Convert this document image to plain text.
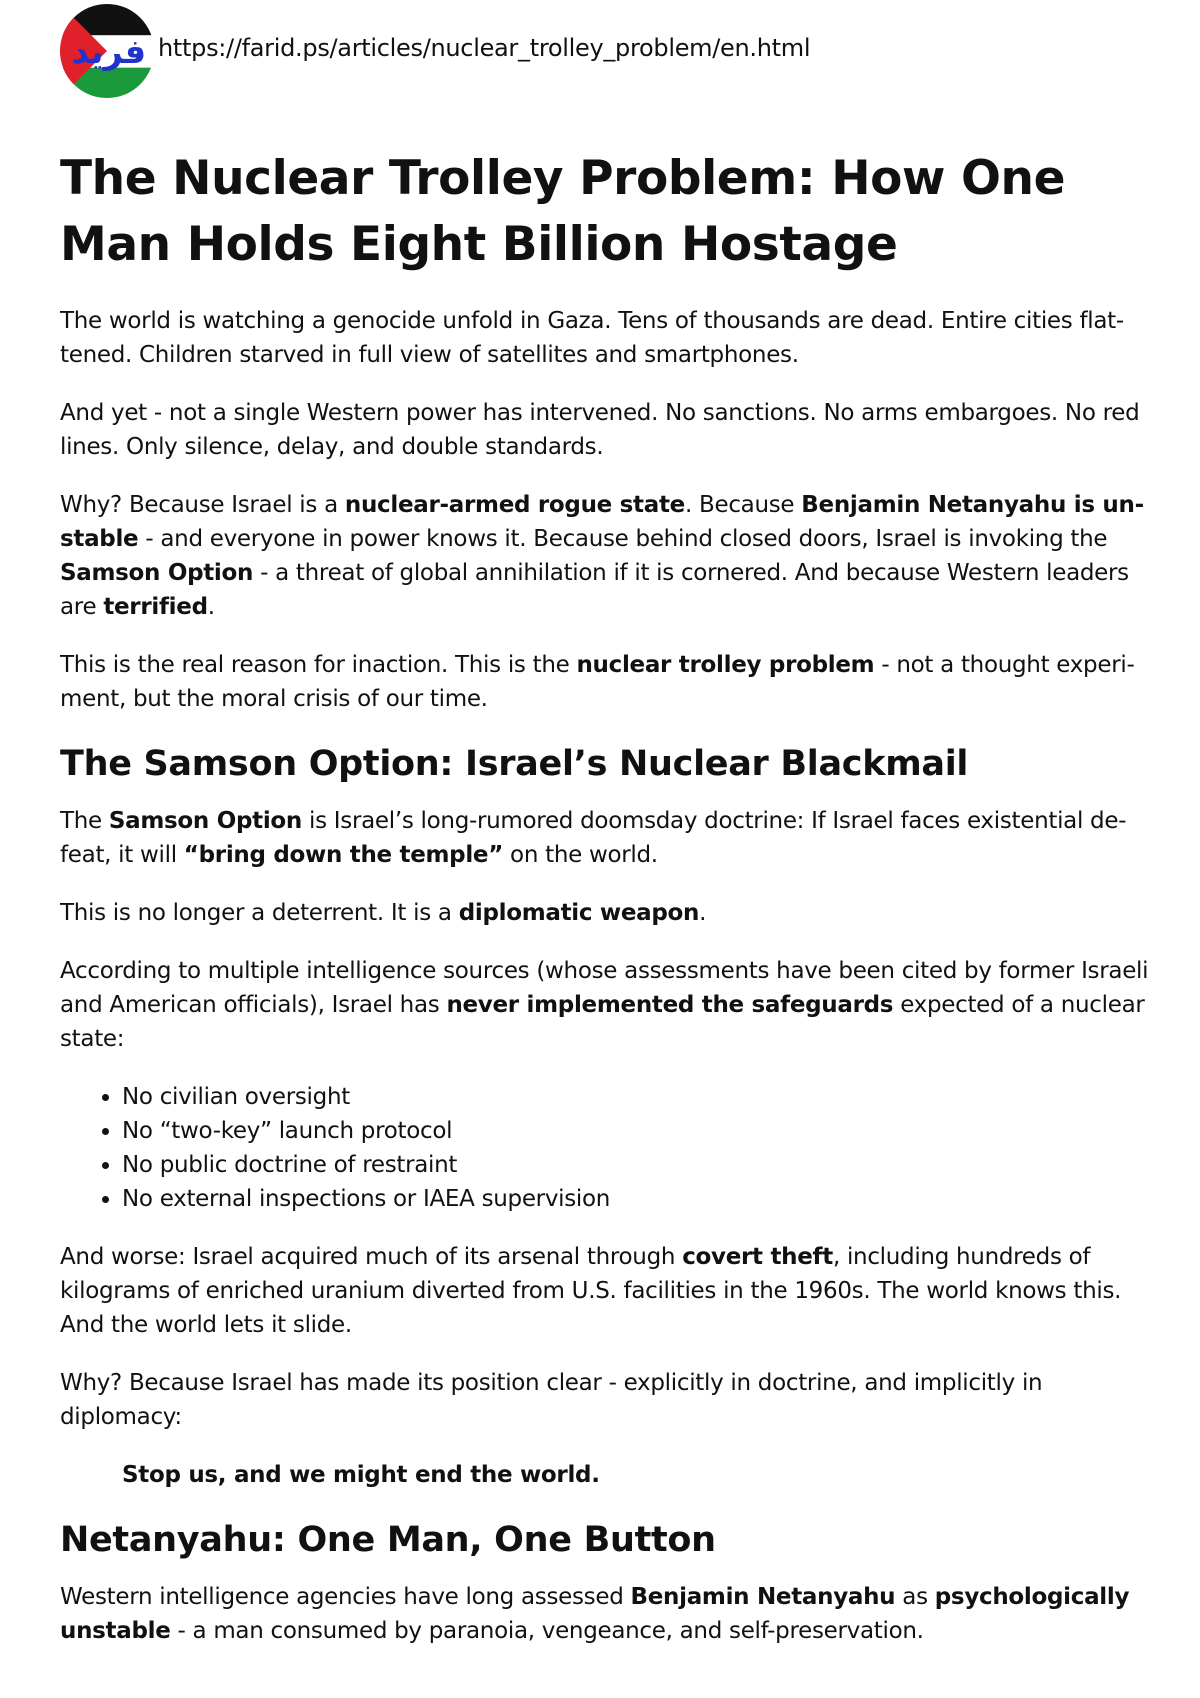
فريد https://farid.ps/articles/nuclear_trolley_problem/en.html
The Nuclear Trolley Problem: How One Man Holds Eight Billion Hostage

The world is watching a genocide unfold in Gaza. Tens of thousands are dead. Entire cities flattened. Children starved in full view of satellites and smartphones.

And yet - not a single Western power has intervened. No sanctions. No arms embargoes. No red lines. Only silence, delay, and double standards.

Why? Because Israel is a nuclear-armed rogue state. Because Benjamin Netanyahu is unstable - and everyone in power knows it. Because behind closed doors, Israel is invoking the Samson Option - a threat of global annihilation if it is cornered. And because Western leaders are terrified.

This is the real reason for inaction. This is the nuclear trolley problem - not a thought experiment, but the moral crisis of our time.

The Samson Option: Israel’s Nuclear Blackmail

The Samson Option is Israel’s long-rumored doomsday doctrine: If Israel faces existential defeat, it will “bring down the temple” on the world.

This is no longer a deterrent. It is a diplomatic weapon.

According to multiple intelligence sources (whose assessments have been cited by former Israeli and American officials), Israel has never implemented the safeguards expected of a nuclear state:

• No civilian oversight
• No “two-key” launch protocol
• No public doctrine of restraint
• No external inspections or IAEA supervision

And worse: Israel acquired much of its arsenal through covert theft, including hundreds of kilograms of enriched uranium diverted from U.S. facilities in the 1960s. The world knows this. And the world lets it slide.

Why? Because Israel has made its position clear - explicitly in doctrine, and implicitly in diplomacy:

Stop us, and we might end the world.
Netanyahu: One Man, One Button

Western intelligence agencies have long assessed Benjamin Netanyahu as psychologically unstable - a man consumed by paranoia, vengeance, and self-preservation.
